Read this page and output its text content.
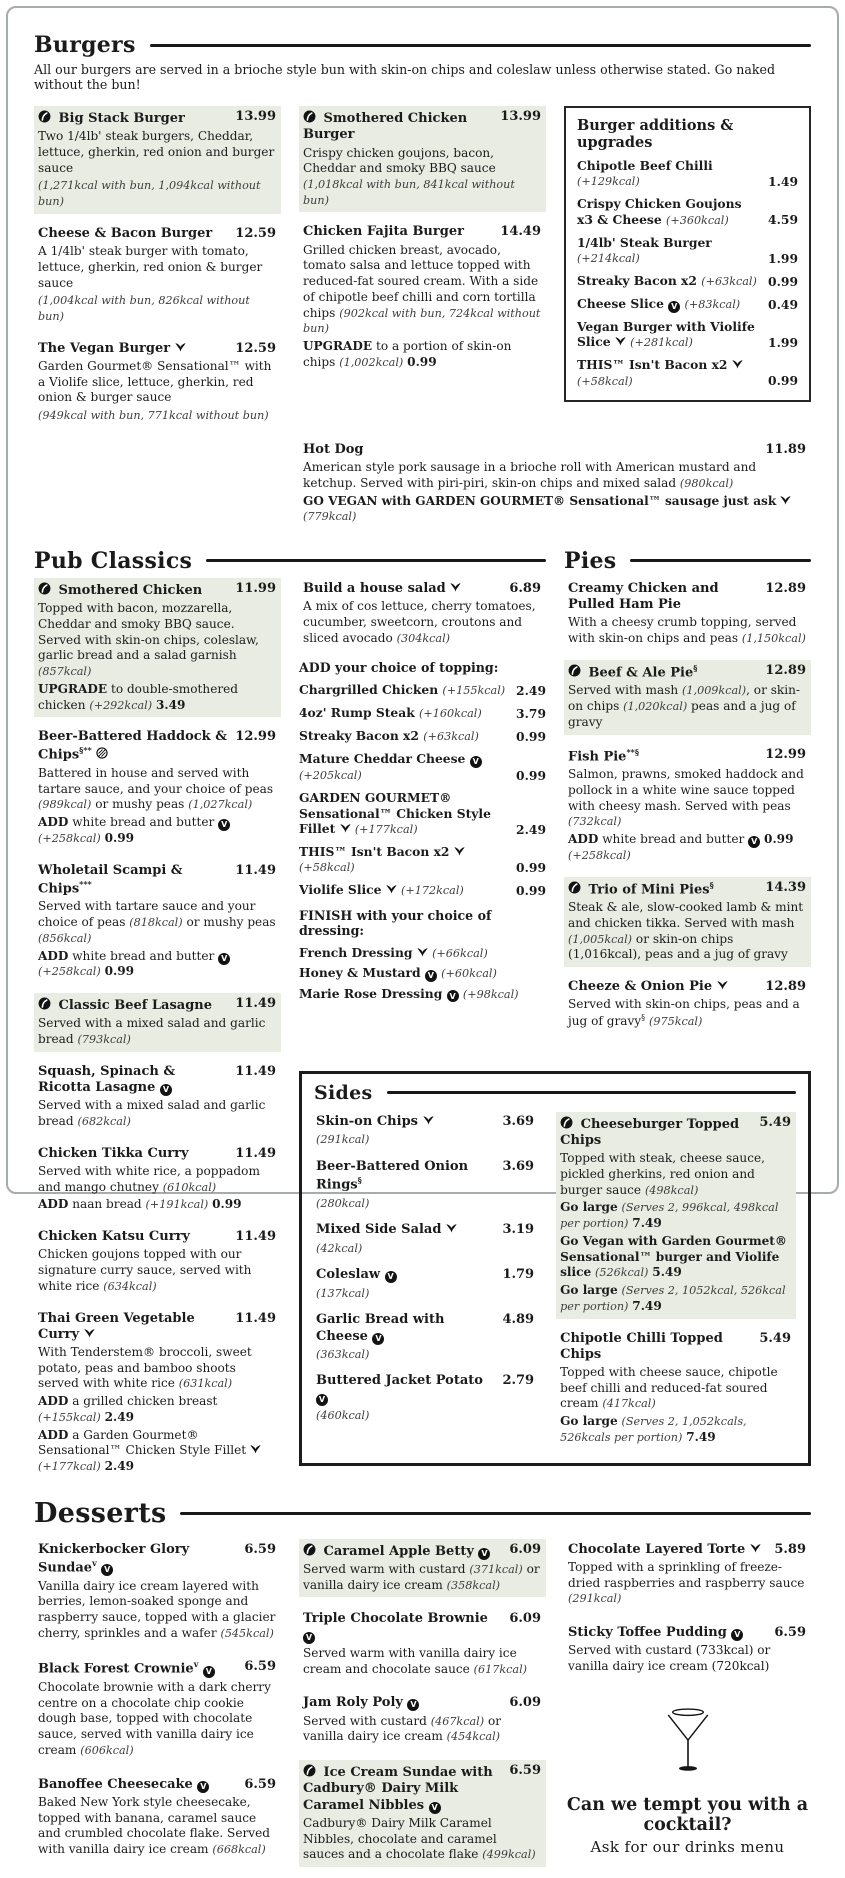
Burgers

All our burgers are served in a brioche style bun with skin-on chips and coleslaw unless otherwise stated. Go naked without the bun!

Big Stack Burger	13.99
Two 1/4lb' steak burgers, Cheddar, lettuce, gherkin, red onion and burger sauce
(1,271kcal with bun, 1,094kcal without bun)
Cheese & Bacon Burger 12.59
A 1/4lb' steak burger with tomato, lettuce, gherkin, red onion & burger sauce
(1,004kcal with bun, 826kcal without bun)
The Vegan Burger	12.59
Garden Gourmet® Sensational™ with a Violife slice, lettuce, gherkin, red onion & burger sauce
(949kcal with bun, 771kcal without bun)
Smothered Chicken Burger
13.99
Crispy chicken goujons, bacon, Cheddar and smoky BBQ sauce (1,018kcal with bun, 841kcal without bun)
Chicken Fajita Burger	14.49
Grilled chicken breast, avocado, tomato salsa and lettuce topped with reduced-fat soured cream. With a side of chipotle beef chilli and corn tortilla chips (902kcal with bun, 724kcal without bun)
UPGRADE to a portion of skin-on chips (1,002kcal) 0.99
Burger additions & upgrades
Chipotle Beef Chilli (+129kcal)	1.49
Crispy Chicken Goujons x3 & Cheese (+360kcal)	4.59
1/4lb' Steak Burger (+214kcal)	1.99
Streaky Bacon x2 (+63kcal) 0.99
Cheese Slice V (+83kcal)	0.49
Vegan Burger with Violife Slice
(+281kcal)	1.99
THIS™ Isn't Bacon x2
(+58kcal)	0.99
Hot Dog	11.89
American style pork sausage in a brioche roll with American mustard and ketchup. Served with piri-piri, skin-on chips and mixed salad (980kcal)
GO VEGAN with GARDEN GOURMET® Sensational™ sausage just ask
(779kcal)
Pub Classics	Pies
Smothered Chicken	11.99
Topped with bacon, mozzarella, Cheddar and smoky BBQ sauce. Served with skin-on chips, coleslaw, garlic bread and a salad garnish (857kcal)
UPGRADE to double-smothered chicken (+292kcal) 3.49
Beer-Battered Haddock & Chips§**
12.99
Battered in house and served with tartare sauce, and your choice of peas (989kcal) or mushy peas (1,027kcal)
ADD white bread and butter V (+258kcal) 0.99
Wholetail Scampi & Chips***
11.49
Served with tartare sauce and your choice of peas (818kcal) or mushy peas (856kcal)
ADD white bread and butter V (+258kcal) 0.99
Classic Beef Lasagne 11.49
Served with a mixed salad and garlic bread (793kcal)
Squash, Spinach & Ricotta Lasagne V
11.49
Served with a mixed salad and garlic bread (682kcal)
Chicken Tikka Curry	11.49
Served with white rice, a poppadom and mango chutney (610kcal)
ADD naan bread (+191kcal) 0.99
Chicken Katsu Curry	11.49
Chicken goujons topped with our signature curry sauce, served with white rice (634kcal)
Thai Green Vegetable Curry
11.49
With Tenderstem® broccoli, sweet potato, peas and bamboo shoots served with white rice (631kcal)
ADD a grilled chicken breast (+155kcal) 2.49
ADD a Garden Gourmet® Sensational™ Chicken Style Fillet
(+177kcal) 2.49
Build a house salad	6.89
A mix of cos lettuce, cherry tomatoes, cucumber, sweetcorn, croutons and sliced avocado (304kcal)
ADD your choice of topping:
Chargrilled Chicken (+155kcal) 2.49
4oz' Rump Steak (+160kcal)	3.79
Streaky Bacon x2 (+63kcal)	0.99
Mature Cheddar Cheese V (+205kcal)	0.99
GARDEN GOURMET® Sensational™ Chicken Style Fillet
(+177kcal)	2.49
THIS™ Isn't Bacon x2
(+58kcal)	0.99
Violife Slice
(+172kcal)	0.99
FINISH with your choice of dressing:
French Dressing (+66kcal)
Honey & Mustard V (+60kcal)
Marie Rose Dressing V (+98kcal)
Creamy Chicken and Pulled Ham Pie
12.89
With a cheesy crumb topping, served with skin-on chips and peas (1,150kcal)
Beef & Ale Pie§	12.89
Served with mash (1,009kcal), or skin-on chips (1,020kcal) peas and a jug of gravy
Fish Pie**§	12.99
Salmon, prawns, smoked haddock and pollock in a white wine sauce topped with cheesy mash. Served with peas (732kcal)
ADD white bread and butter V 0.99 (+258kcal)
Trio of Mini Pies§	14.39
Steak & ale, slow-cooked lamb & mint and chicken tikka. Served with mash (1,005kcal) or skin-on chips (1,016kcal), peas and a jug of gravy
Cheeze & Onion Pie	12.89
Served with skin-on chips, peas and a jug of gravy§ (975kcal)
Sides
Skin-on Chips	3.69
(291kcal)
Beer-Battered Onion Rings§
3.69
(280kcal)
Mixed Side Salad	3.19
(42kcal)
Coleslaw V	1.79
(137kcal)
Garlic Bread with Cheese V
4.89
(363kcal)
Buttered Jacket Potato V
2.79
(460kcal)
Cheeseburger Topped Chips
5.49
Topped with steak, cheese sauce, pickled gherkins, red onion and burger sauce (498kcal)
Go large (Serves 2, 996kcal, 498kcal per portion) 7.49
Go Vegan with Garden Gourmet® Sensational™ burger and Violife slice (526kcal) 5.49
Go large (Serves 2, 1052kcal, 526kcal per portion) 7.49
Chipotle Chilli Topped Chips
5.49
Topped with cheese sauce, chipotle beef chilli and reduced-fat soured cream (417kcal)
Go large (Serves 2, 1,052kcals, 526kcals per portion) 7.49
Desserts
Knickerbocker Glory Sundae$^v$ V
6.59
Vanilla dairy ice cream layered with berries, lemon-soaked sponge and raspberry sauce, topped with a glacier cherry, sprinkles and a wafer (545kcal)
Black Forest Crownie$^v$ V 6.59
Chocolate brownie with a dark cherry centre on a chocolate chip cookie dough base, topped with chocolate sauce, served with vanilla dairy ice cream (606kcal)
Banoffee Cheesecake V	6.59
Baked New York style cheesecake, topped with banana, caramel sauce and crumbled chocolate flake. Served with vanilla dairy ice cream (668kcal)
Caramel Apple Betty V 6.09
Served warm with custard (371kcal) or vanilla dairy ice cream (358kcal)
Triple Chocolate Brownie V
6.09
Served warm with vanilla dairy ice cream and chocolate sauce (617kcal)
Jam Roly Poly V	6.09
Served with custard (467kcal) or vanilla dairy ice cream (454kcal)
Ice Cream Sundae with Cadbury® Dairy Milk Caramel Nibbles V
6.59
Cadbury® Dairy Milk Caramel Nibbles, chocolate and caramel sauces and a chocolate flake (499kcal)
Chocolate Layered Torte	5.89
Topped with a sprinkling of freeze-dried raspberries and raspberry sauce (291kcal)
Sticky Toffee Pudding V	6.59
Served with custard (733kcal) or vanilla dairy ice cream (720kcal)
Can we tempt you with a cocktail?
Ask for our drinks menu
